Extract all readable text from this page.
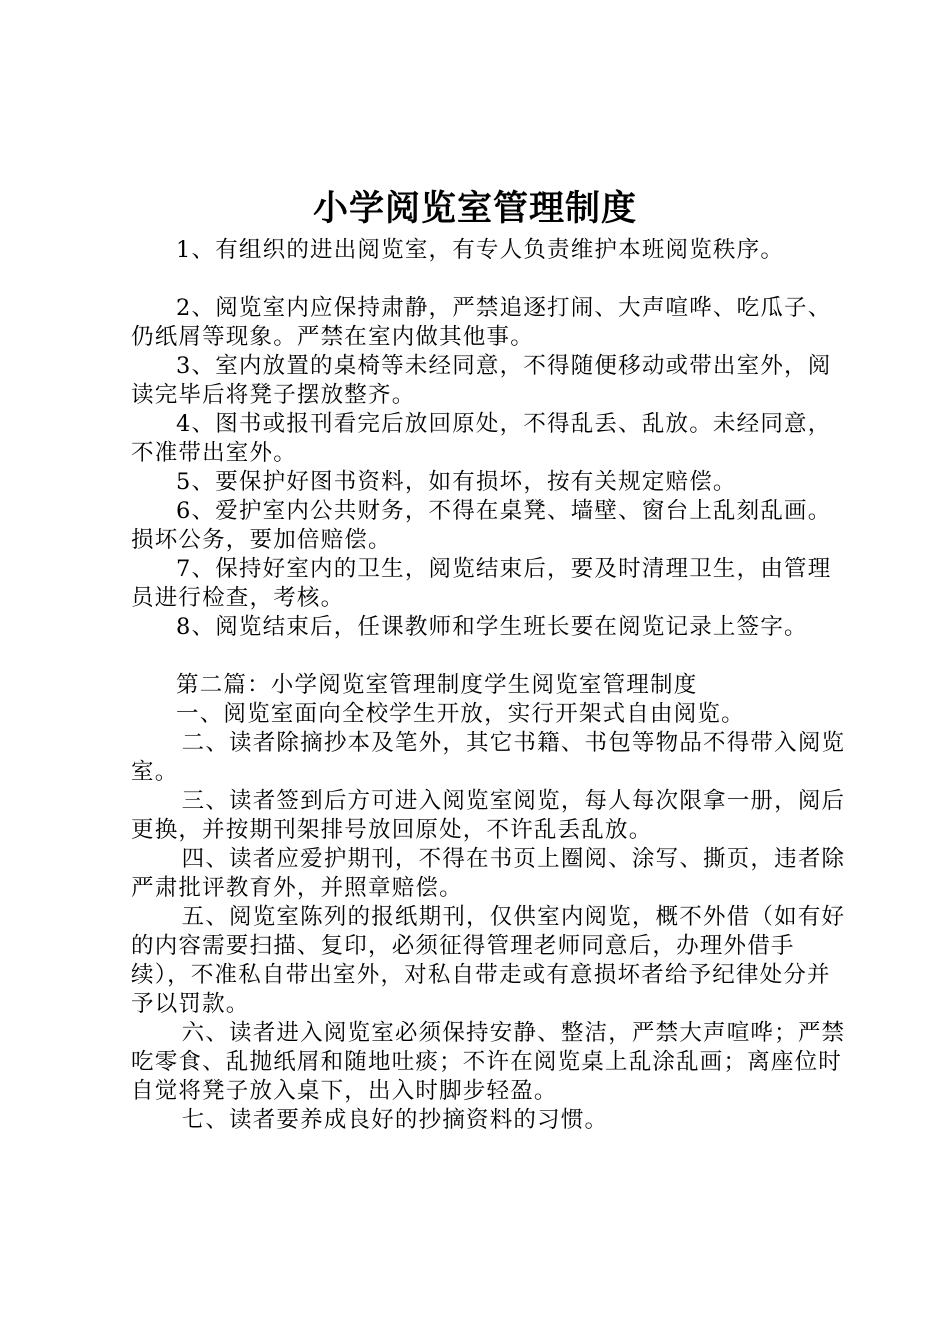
小学阅览室管理制度

1、有组织的进出阅览室，有专人负责维护本班阅览秩序。

2、阅览室内应保持肃静，严禁追逐打闹、大声喧哗、吃瓜子、仍纸屑等现象。严禁在室内做其他事。

3、室内放置的桌椅等未经同意，不得随便移动或带出室外，阅读完毕后将凳子摆放整齐。

4、图书或报刊看完后放回原处，不得乱丢、乱放。未经同意，不准带出室外。

5、要保护好图书资料，如有损坏，按有关规定赔偿。

6、爱护室内公共财务，不得在桌凳、墙壁、窗台上乱刻乱画。损坏公务，要加倍赔偿。

7、保持好室内的卫生，阅览结束后，要及时清理卫生，由管理员进行检查，考核。

8、阅览结束后，任课教师和学生班长要在阅览记录上签字。

第二篇：小学阅览室管理制度学生阅览室管理制度

一、阅览室面向全校学生开放，实行开架式自由阅览。

二、读者除摘抄本及笔外，其它书籍、书包等物品不得带入阅览室。

三、读者签到后方可进入阅览室阅览，每人每次限拿一册，阅后更换，并按期刊架排号放回原处，不许乱丢乱放。

四、读者应爱护期刊，不得在书页上圈阅、涂写、撕页，违者除严肃批评教育外，并照章赔偿。

五、阅览室陈列的报纸期刊，仅供室内阅览，概不外借（如有好的内容需要扫描、复印，必须征得管理老师同意后，办理外借手续），不准私自带出室外，对私自带走或有意损坏者给予纪律处分并予以罚款。

六、读者进入阅览室必须保持安静、整洁，严禁大声喧哗；严禁吃零食、乱抛纸屑和随地吐痰；不许在阅览桌上乱涂乱画；离座位时自觉将凳子放入桌下，出入时脚步轻盈。

七、读者要养成良好的抄摘资料的习惯。
